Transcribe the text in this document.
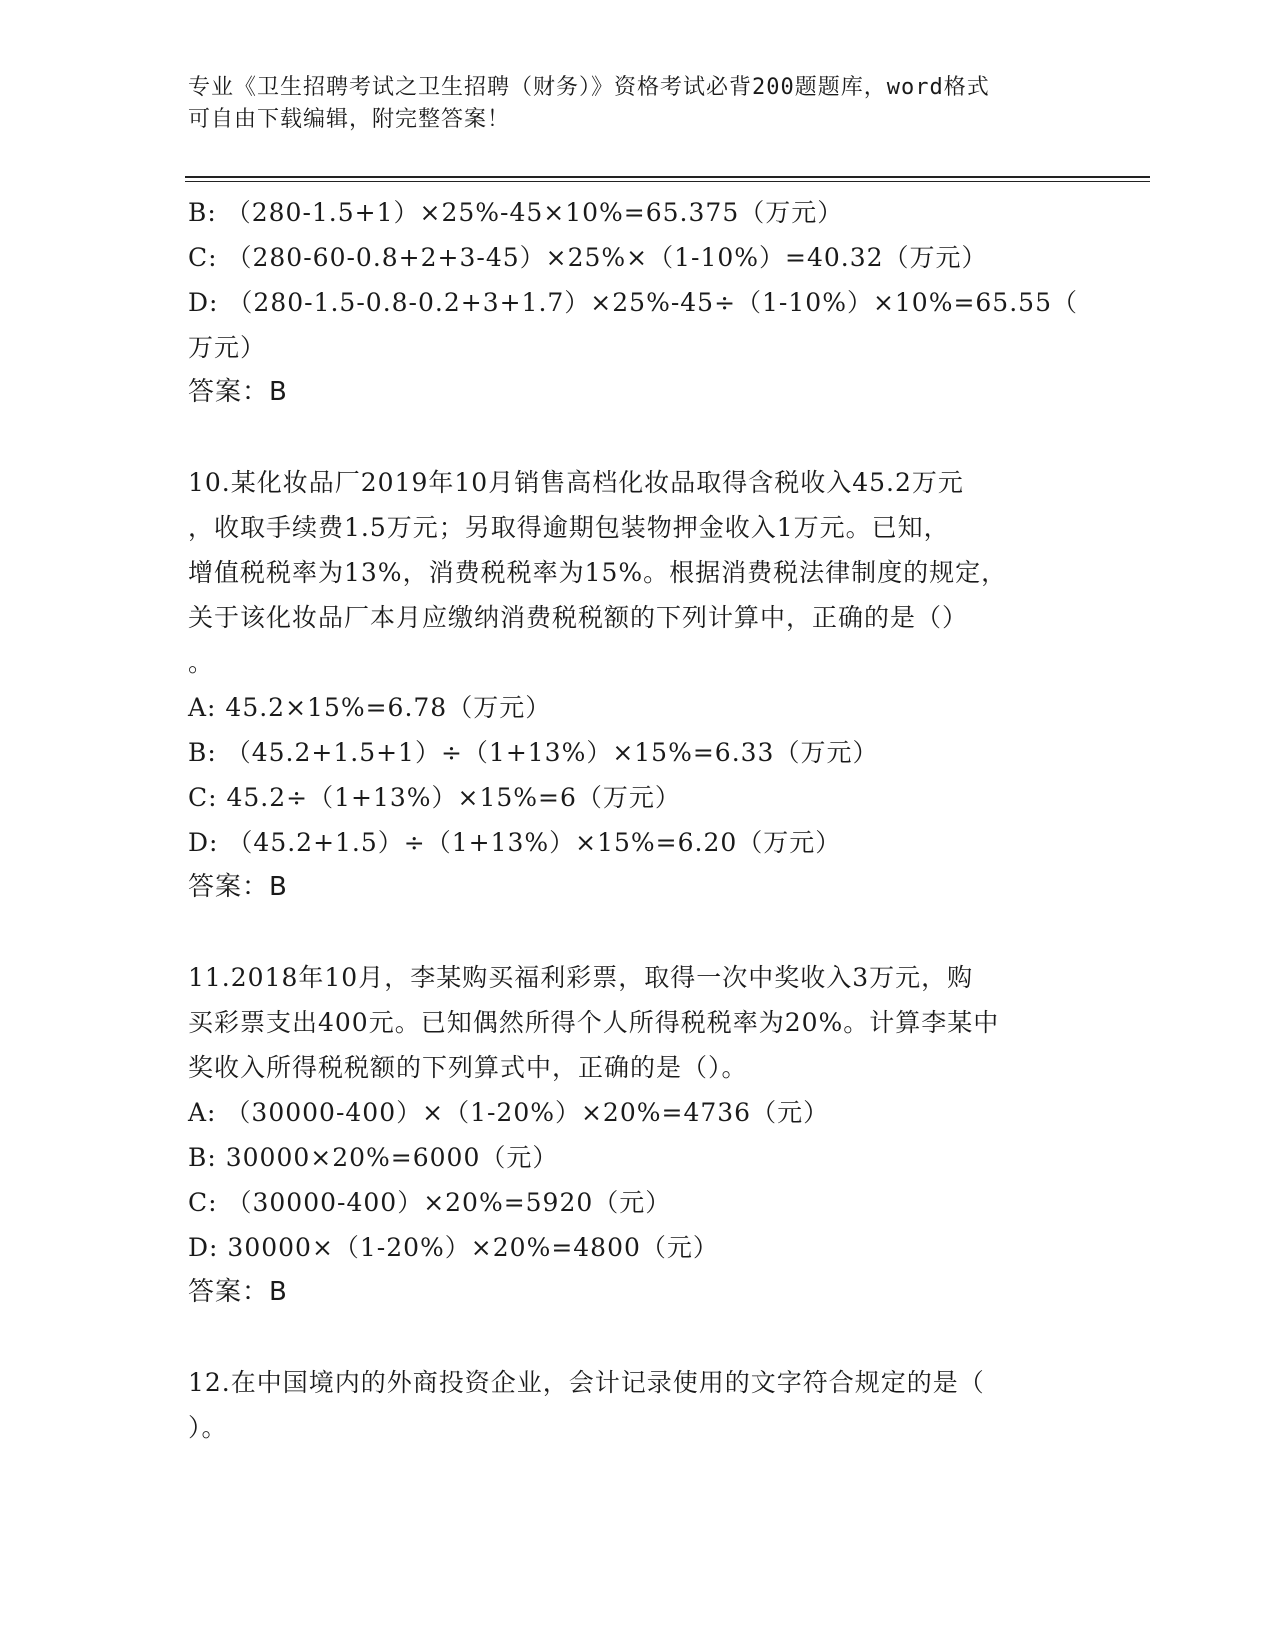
专业《卫生招聘考试之卫生招聘（财务）》资格考试必背200题题库，word格式
可自由下载编辑，附完整答案！
B: （280-1.5+1）×25%-45×10%=65.375（万元）
C: （280-60-0.8+2+3-45）×25%×（1-10%）=40.32（万元）
D: （280-1.5-0.8-0.2+3+1.7）×25%-45÷（1-10%）×10%=65.55（
万元）
答案：B
10.某化妆品厂2019年10月销售高档化妆品取得含税收入45.2万元
，收取手续费1.5万元；另取得逾期包装物押金收入1万元。已知，
增值税税率为13%，消费税税率为15%。根据消费税法律制度的规定，
关于该化妆品厂本月应缴纳消费税税额的下列计算中，正确的是（）
。
A: 45.2×15%=6.78（万元）
B: （45.2+1.5+1）÷（1+13%）×15%=6.33（万元）
C: 45.2÷（1+13%）×15%=6（万元）
D: （45.2+1.5）÷（1+13%）×15%=6.20（万元）
答案：B
11.2018年10月，李某购买福利彩票，取得一次中奖收入3万元，购
买彩票支出400元。已知偶然所得个人所得税税率为20%。计算李某中
奖收入所得税税额的下列算式中，正确的是（）。
A: （30000-400）×（1-20%）×20%=4736（元）
B: 30000×20%=6000（元）
C: （30000-400）×20%=5920（元）
D: 30000×（1-20%）×20%=4800（元）
答案：B
12.在中国境内的外商投资企业，会计记录使用的文字符合规定的是（
）。
